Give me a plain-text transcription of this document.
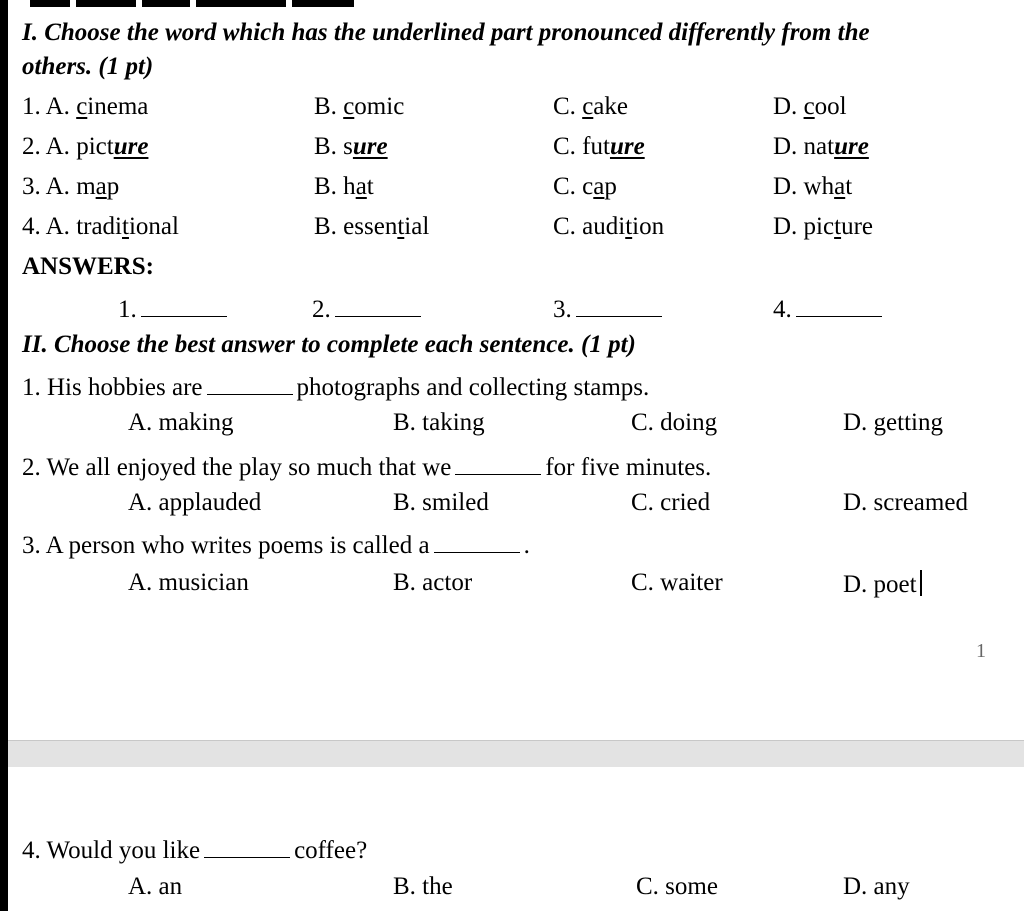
I. Choose the word which has the underlined part pronounced differently from the
others. (1 pt)
1. A. cinema	B. comic	C. cake	D. cool
2. A. picture	B. sure	C. future	D. nature
3. A. map	B. hat	C. cap	D. what
4. A. traditional	B. essential	C. audition	D. picture
ANSWERS:
1.	2.	3.	4.
II. Choose the best answer to complete each sentence. (1 pt)
1. His hobbies are	photographs and collecting stamps.
A. making	B. taking	C. doing	D. getting
2. We all enjoyed the play so much that we	for five minutes.
A. applauded	B. smiled	C. cried	D. screamed
3. A person who writes poems is called a	.
A. musician	B. actor	C. waiter	D. poet
1
4. Would you like	coffee?
A. an	B. the	C. some	D. any
